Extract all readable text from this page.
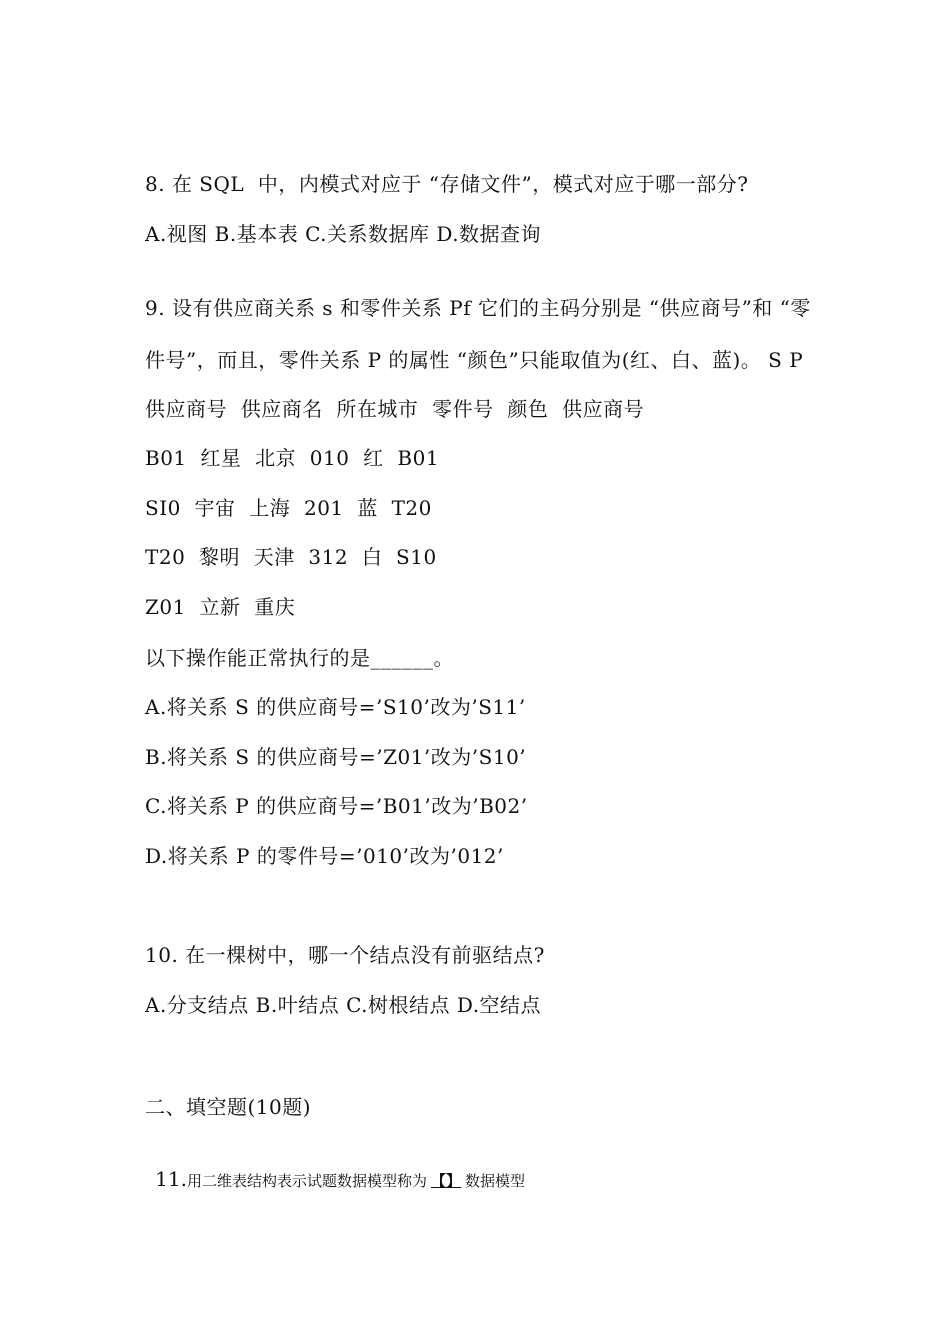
8. 在 SQL  中，内模式对应于 “存储文件”，模式对应于哪一部分?
A.视图 B.基本表 C.关系数据库 D.数据查询
9. 设有供应商关系 s 和零件关系 Pf 它们的主码分别是 “供应商号”和 “零
件号”，而且，零件关系 P 的属性 “颜色”只能取值为(红、白、蓝)。 S P
供应商号  供应商名  所在城市  零件号  颜色  供应商号
B01  红星  北京  010  红  B01
SI0  宇宙  上海  201  蓝  T20
T20  黎明  天津  312  白  S10
Z01  立新  重庆
以下操作能正常执行的是______。
A.将关系 S 的供应商号=’S10’改为’S11’
B.将关系 S 的供应商号=’Z01’改为’S10’
C.将关系 P 的供应商号=’B01’改为’B02’
D.将关系 P 的零件号=’010’改为’012’
10. 在一棵树中，哪一个结点没有前驱结点?
A.分支结点 B.叶结点 C.树根结点 D.空结点
二、填空题(10题)

11.用二维表结构表示试题数据模型称为 【】 数据模型
